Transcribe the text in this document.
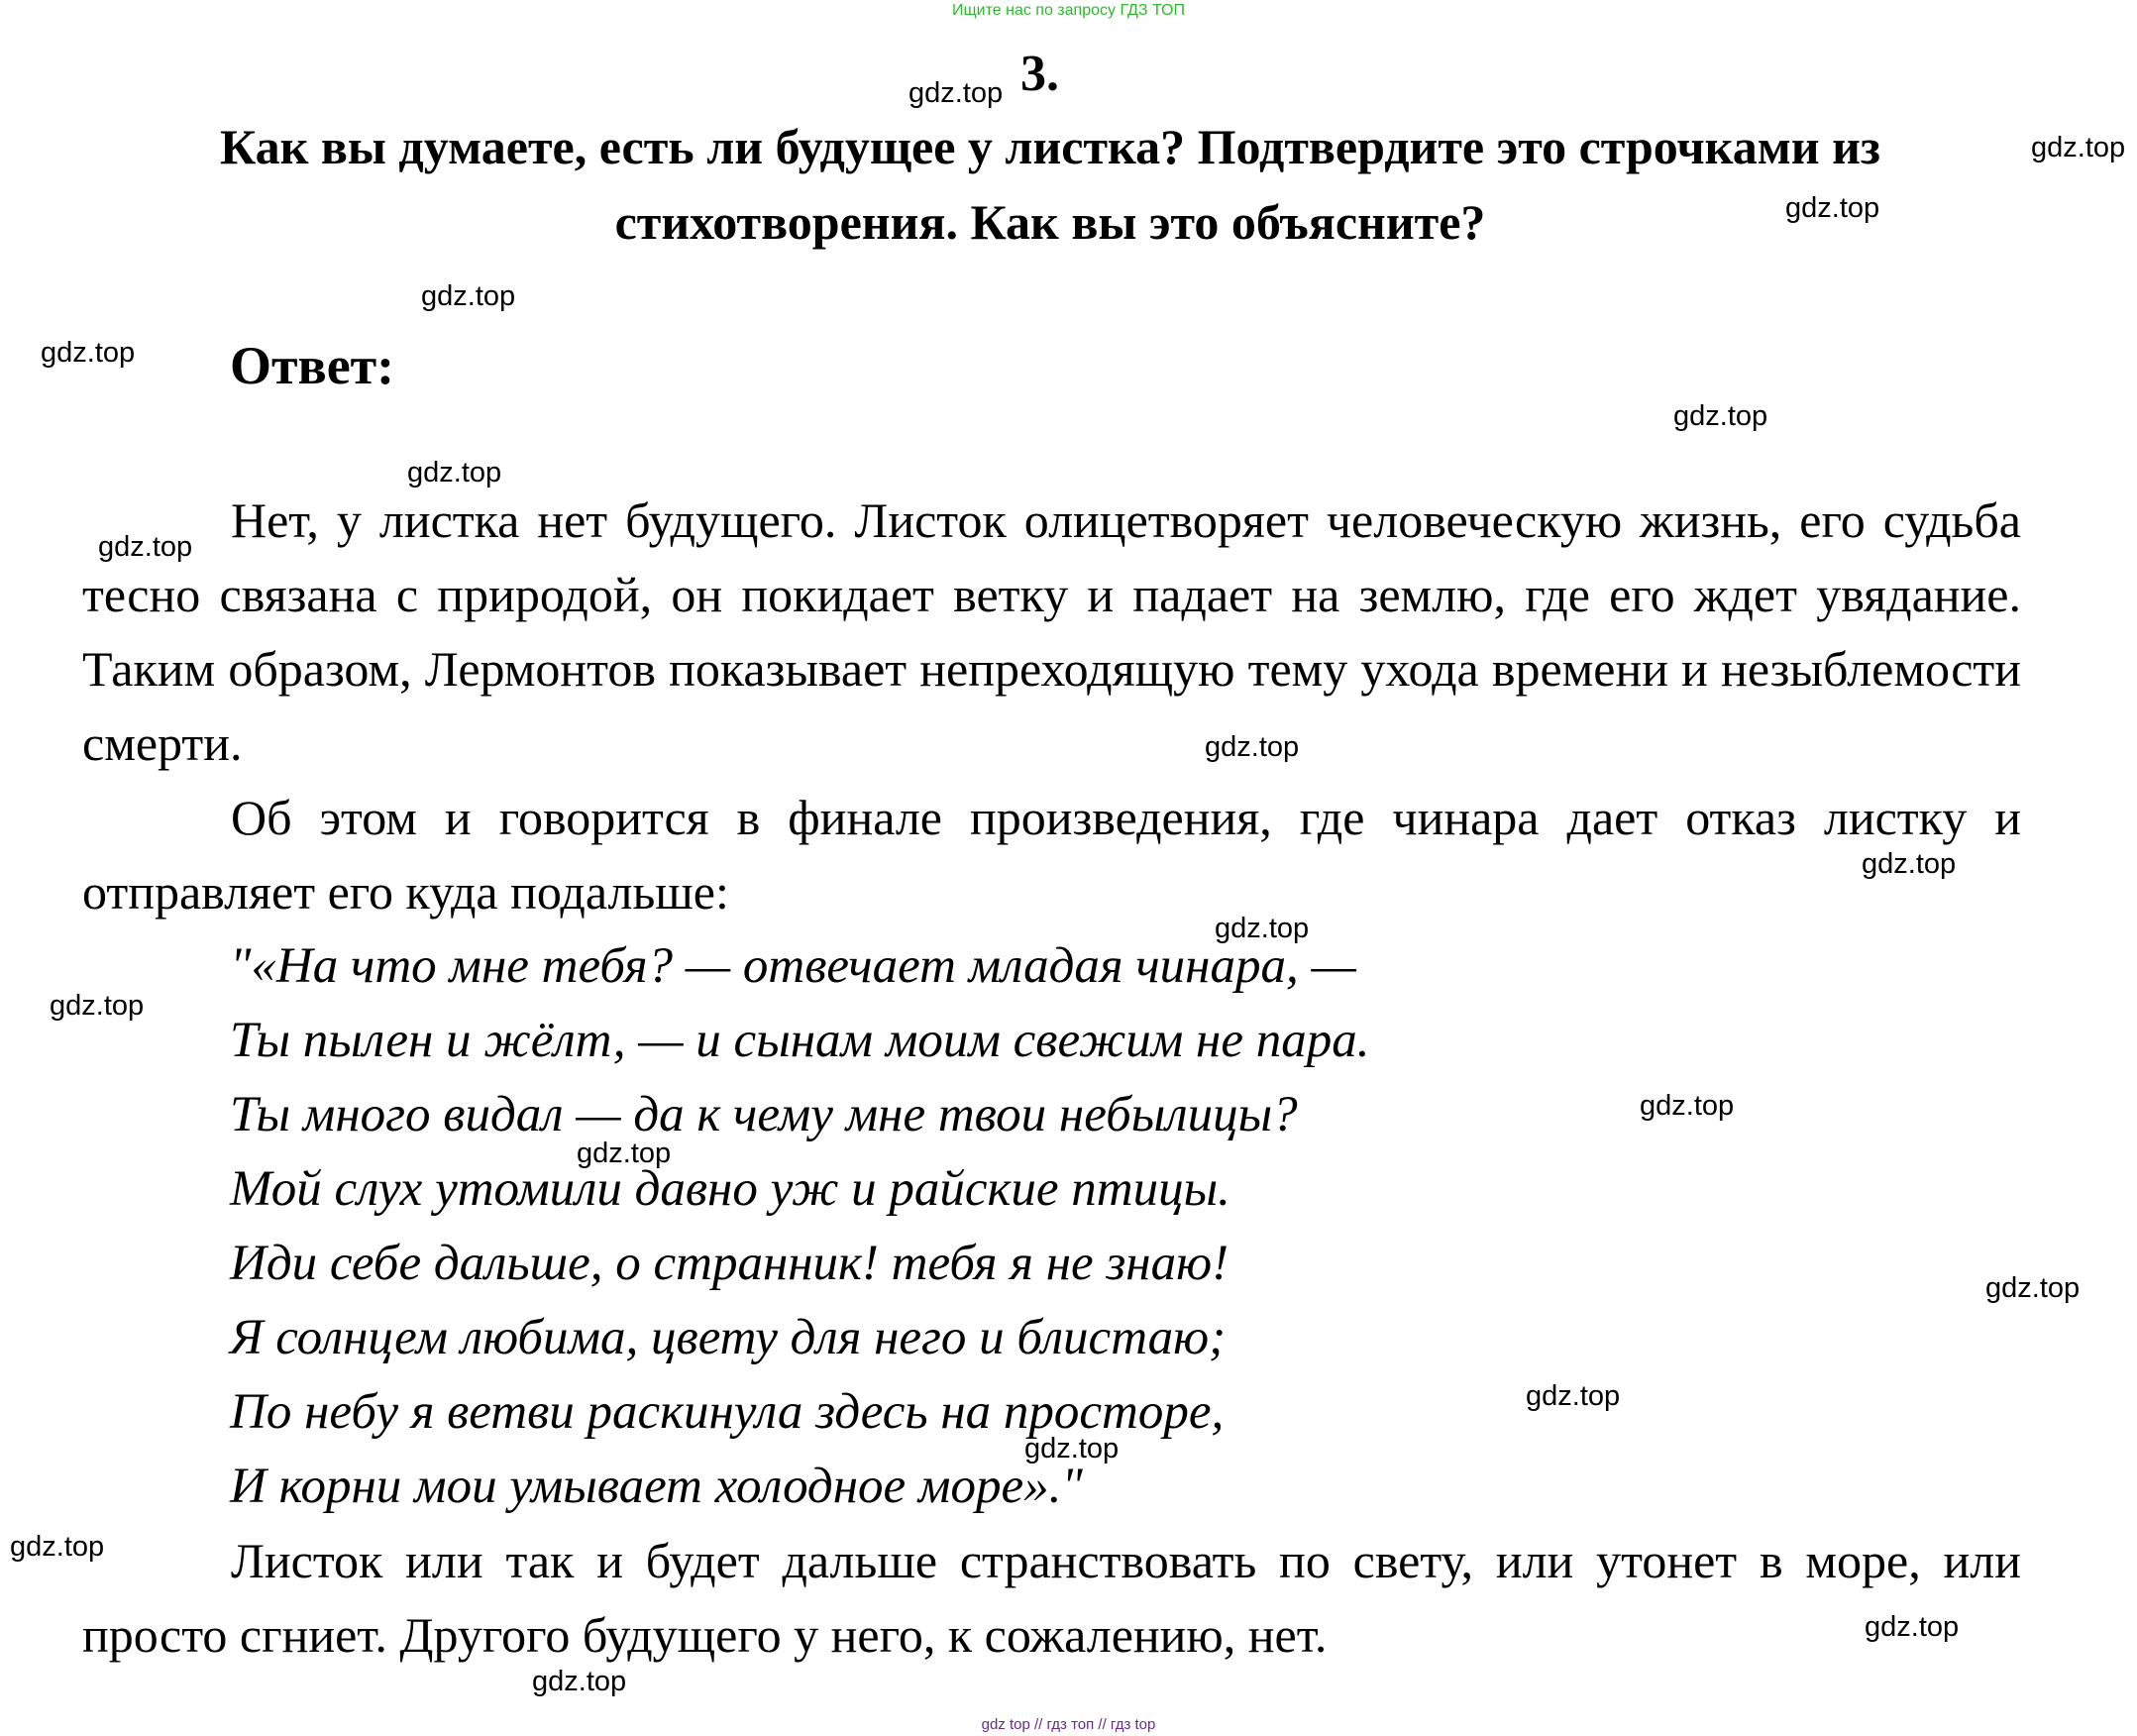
Ищите нас по запросу ГДЗ ТОП
3.
Как вы думаете, есть ли будущее у листка? Подтвердите это строчками из стихотворения. Как вы это объясните?
Ответ:

Нет, у листка нет будущего. Листок олицетворяет человеческую жизнь, его судьба тесно связана с природой, он покидает ветку и падает на землю, где его ждет увядание. Таким образом, Лермонтов показывает непреходящую тему ухода времени и незыблемости смерти.

Об этом и говорится в финале произведения, где чинара дает отказ листку и отправляет его куда подальше:

"«На что мне тебя? — отвечает младая чинара, —
Ты пылен и жёлт, — и сынам моим свежим не пара.
Ты много видал — да к чему мне твои небылицы?
Мой слух утомили давно уж и райские птицы.
Иди себе дальше, о странник! тебя я не знаю!
Я солнцем любима, цвету для него и блистаю;
По небу я ветви раскинула здесь на просторе,
И корни мои умывает холодное море»."

Листок или так и будет дальше странствовать по свету, или утонет в море, или просто сгниет. Другого будущего у него, к сожалению, нет.

gdz.top
gdz.top
gdz.top
gdz.top
gdz.top
gdz.top
gdz.top
gdz.top
gdz.top
gdz.top
gdz.top
gdz.top
gdz.top
gdz.top
gdz.top
gdz.top
gdz.top
gdz.top
gdz.top
gdz.top
gdz top // гдз топ // гдз top
